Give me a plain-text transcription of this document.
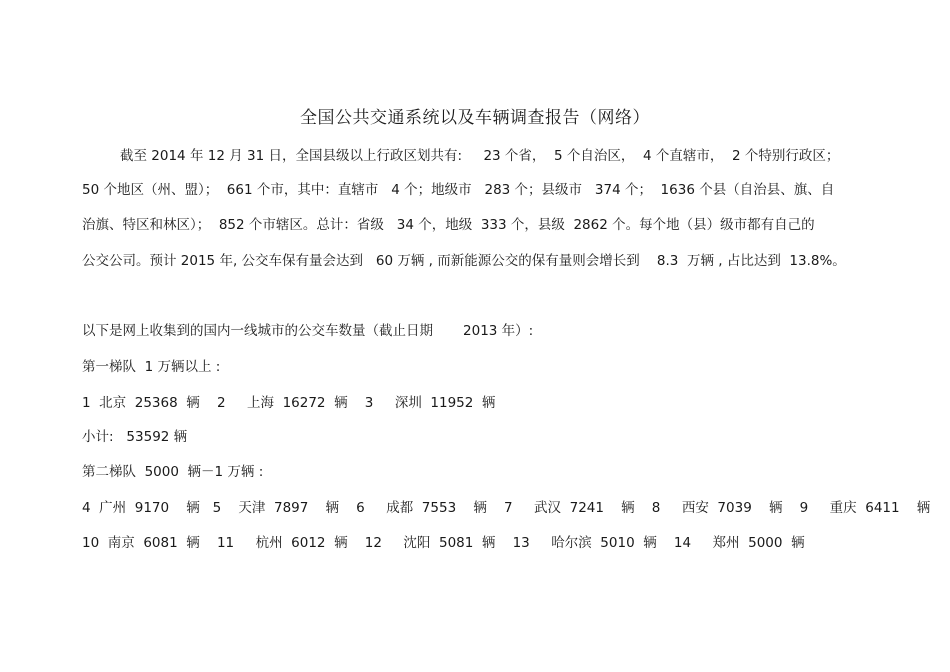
全国公共交通系统以及车辆调查报告（网络）
截至 2014 年 12 月 31 日，全国县级以上行政区划共有:     23 个省，  5 个自治区，  4 个直辖市，  2 个特别行政区；
50 个地区（州、盟）；  661 个市，其中：直辖市   4 个；地级市   283 个；县级市   374 个；  1636 个县（自治县、旗、自
治旗、特区和林区）；  852 个市辖区。总计：省级   34 个，地级  333 个，县级  2862 个。每个地（县）级市都有自己的
公交公司。预计 2015 年, 公交车保有量会达到   60 万辆 , 而新能源公交的保有量则会增长到    8.3  万辆 , 占比达到  13.8%。
以下是网上收集到的国内一线城市的公交车数量（截止日期       2013 年）:
第一梯队  1 万辆以上 :
1  北京  25368  辆    2     上海  16272  辆    3     深圳  11952  辆
小计:   53592 辆
第二梯队  5000  辆－1 万辆 :
4  广州  9170    辆   5    天津  7897    辆    6     成都  7553    辆    7     武汉  7241    辆    8     西安  7039    辆    9     重庆  6411    辆
10  南京  6081  辆    11     杭州  6012  辆    12     沈阳  5081  辆    13     哈尔滨  5010  辆    14     郑州  5000  辆
